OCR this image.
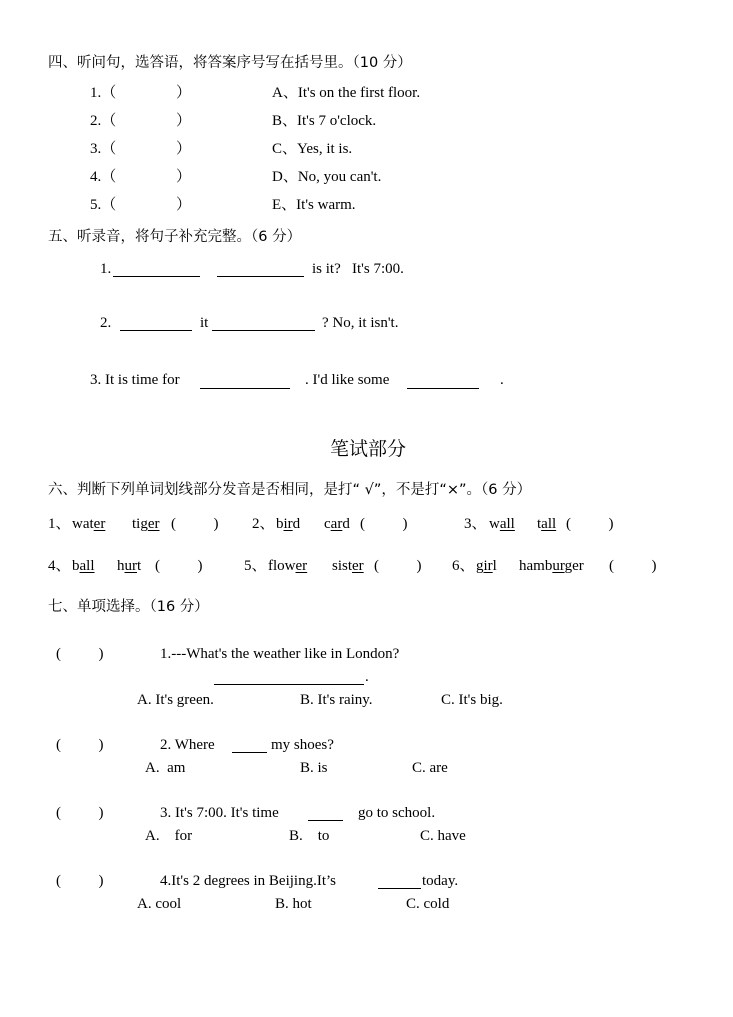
四、听问句，选答语，将答案序号写在括号里。（10 分）
1.（	）	A、It's on the first floor.
2.（	）	B、It's 7 o'clock.
3.（	）	C、Yes, it is.
4.（	）	D、No, you can't.
5.（	）	E、It's warm.
五、听录音，将句子补充完整。（6 分）
1.	is it?   It's 7:00.
2.	it	? No, it isn't.
3. It is time for	. I'd like some	.
笔试部分
六、判断下列单词划线部分发音是否相同，是打“ √”，不是打“×”。（6 分）
1、 water tiger (          ) 2、 bird card (          )	3、 wall tall (          )
4、 ball hurt (          )	5、 flower sister (          ) 6、 girl hamburger (          )
七、单项选择。（16 分）
(          )	1.---What's the weather like in London?
.
A. It's green.	B. It's rainy.	C. It's big.
(          )	2. Where	my shoes?
A.  am	B. is	C. are
(          )	3. It's 7:00. It's time	go to school.
A.    for	B.    to	C. have
(          )	4.It's 2 degrees in Beijing.It’s	today.
A. cool	B. hot	C. cold
